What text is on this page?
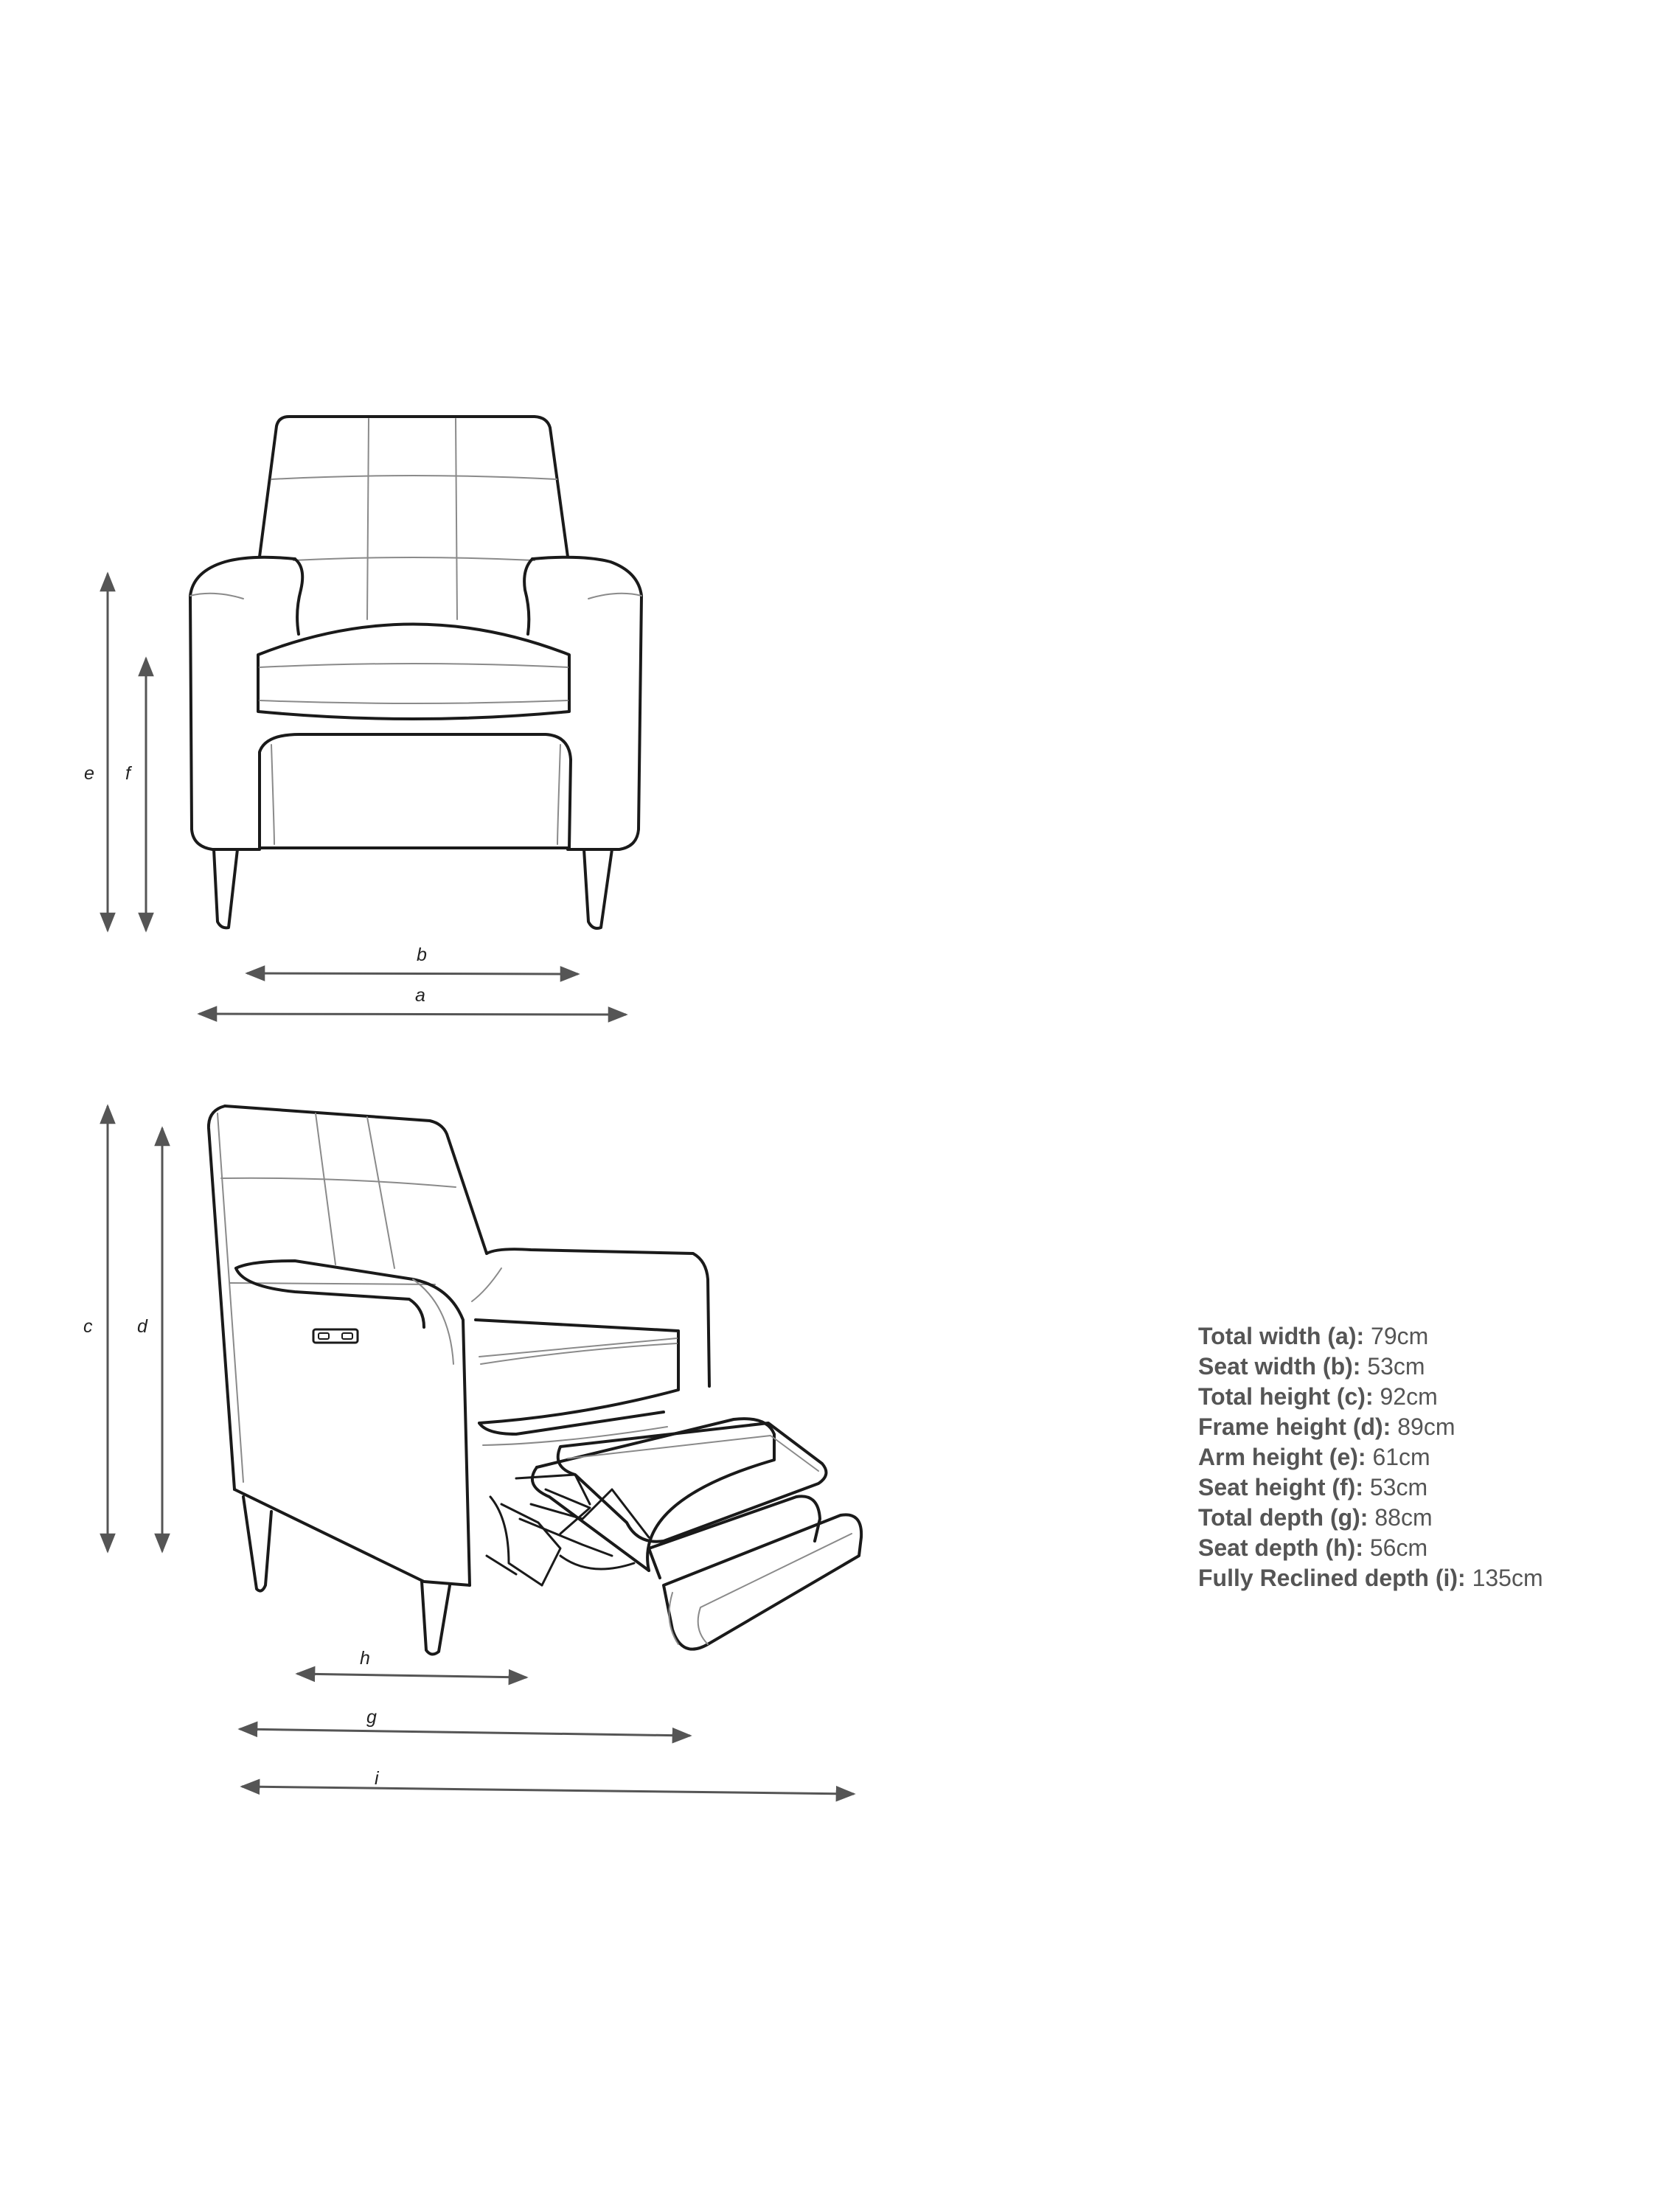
e f
b
a
c d
h
g
i
Total width (a): 79cm
Seat width (b): 53cm
Total height (c): 92cm
Frame height (d): 89cm
Arm height (e): 61cm
Seat height (f): 53cm
Total depth (g): 88cm
Seat depth (h): 56cm
Fully Reclined depth (i): 135cm
